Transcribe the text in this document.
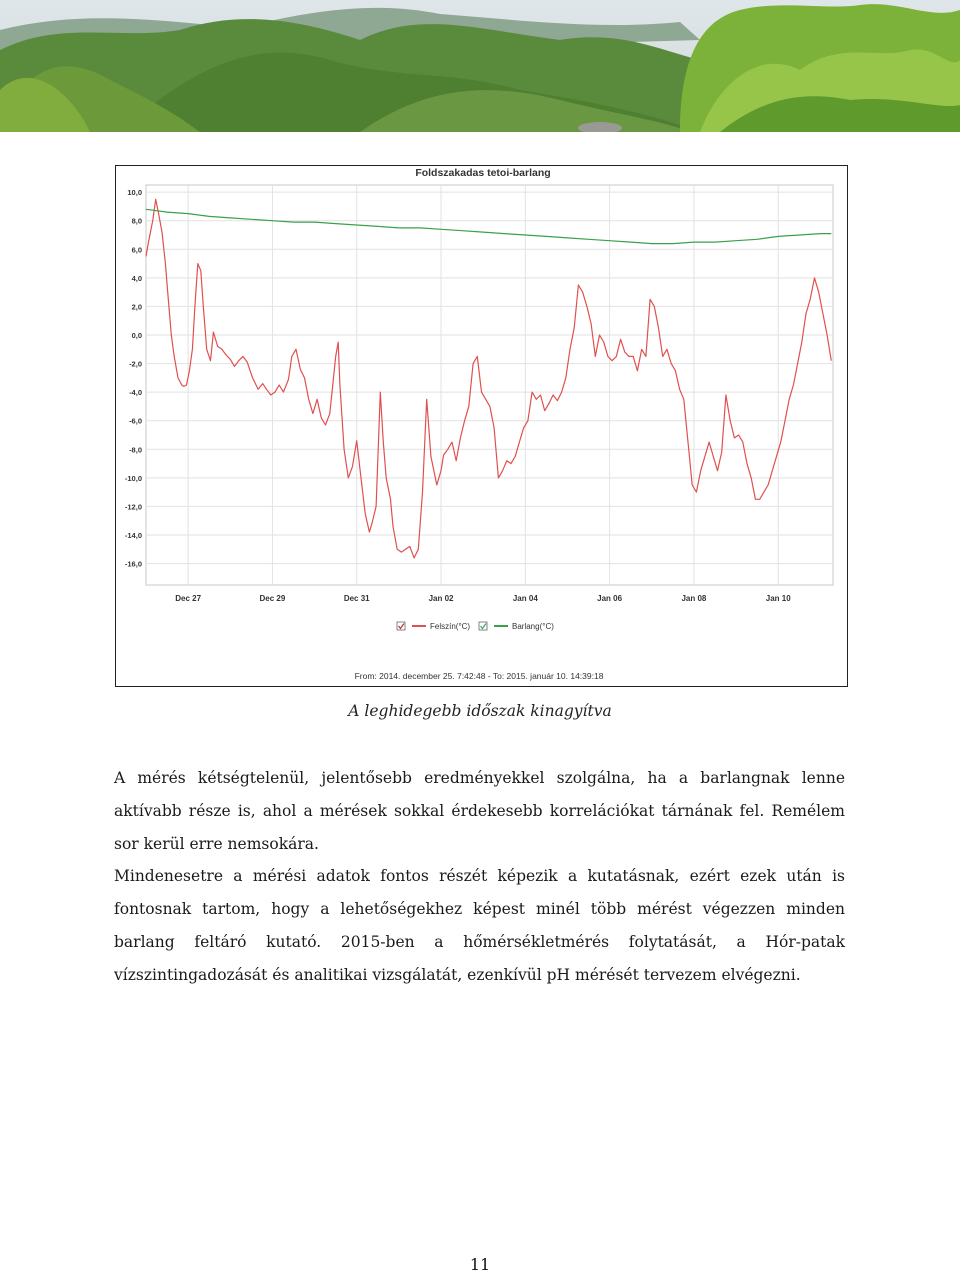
Foldszakadas tetoi-barlang
10,0
8,0
6,0
4,0
2,0
0,0
-2,0
-4,0
-6,0
-8,0
-10,0
-12,0
-14,0
-16,0
Dec 27	Dec 29	Dec 31	Jan 02	Jan 04	Jan 06	Jan 08	Jan 10
Felszín(°C)	Barlang(°C)
From: 2014. december 25. 7:42:48 - To: 2015. január 10. 14:39:18
A leghidegebb időszak kinagyítva

A mérés kétségtelenül, jelentősebb eredményekkel szolgálna, ha a barlangnak lenne aktívabb része is, ahol a mérések sokkal érdekesebb korrelációkat tárnának fel. Remélem sor kerül erre nemsokára.

Mindenesetre a mérési adatok fontos részét képezik a kutatásnak, ezért ezek után is fontosnak tartom, hogy a lehetőségekhez képest minél több mérést végezzen minden barlang feltáró kutató. 2015-ben a hőmérsékletmérés folytatását, a Hór-patak vízszintingadozását és analitikai vizsgálatát, ezenkívül pH mérését tervezem elvégezni.

11
